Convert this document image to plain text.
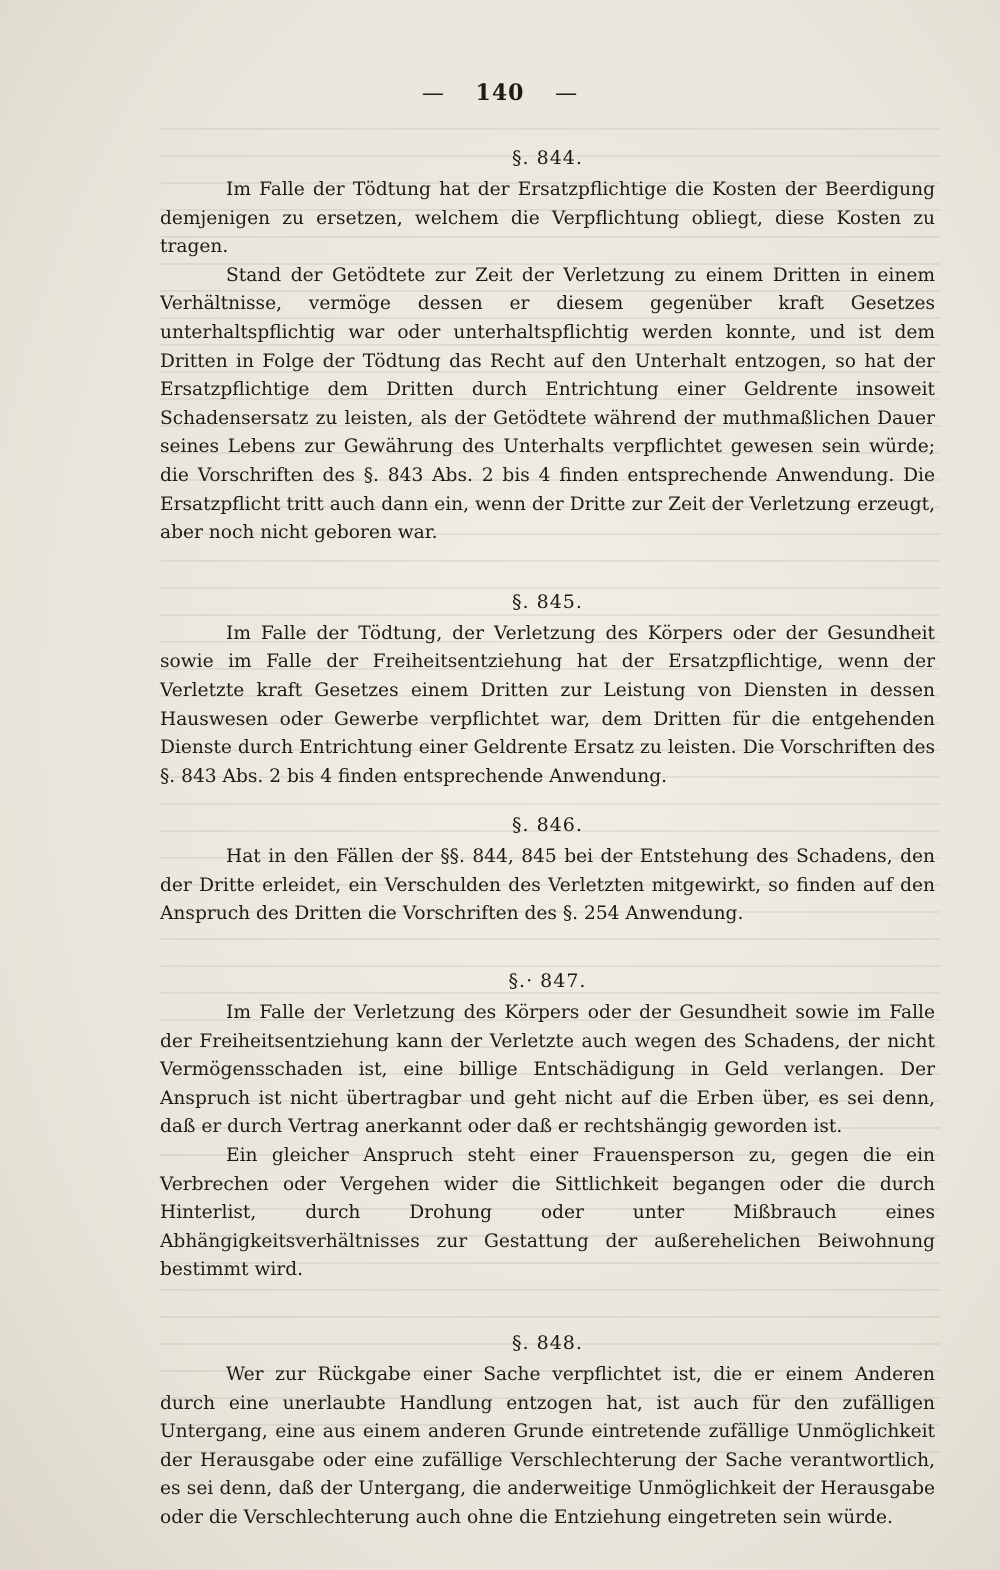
— 140 —
§. 844.

Im Falle der Tödtung hat der Ersatzpflichtige die Kosten der Beerdigung demjenigen zu ersetzen, welchem die Verpflichtung obliegt, diese Kosten zu tragen.

Stand der Getödtete zur Zeit der Verletzung zu einem Dritten in einem Verhältnisse, vermöge dessen er diesem gegenüber kraft Gesetzes unterhaltspflichtig war oder unterhaltspflichtig werden konnte, und ist dem Dritten in Folge der Tödtung das Recht auf den Unterhalt entzogen, so hat der Ersatzpflichtige dem Dritten durch Entrichtung einer Geldrente insoweit Schadensersatz zu leisten, als der Getödtete während der muthmaßlichen Dauer seines Lebens zur Gewährung des Unterhalts verpflichtet gewesen sein würde; die Vorschriften des §. 843 Abs. 2 bis 4 finden entsprechende Anwendung. Die Ersatzpflicht tritt auch dann ein, wenn der Dritte zur Zeit der Verletzung erzeugt, aber noch nicht geboren war.

§. 845.

Im Falle der Tödtung, der Verletzung des Körpers oder der Gesundheit sowie im Falle der Freiheitsentziehung hat der Ersatzpflichtige, wenn der Verletzte kraft Gesetzes einem Dritten zur Leistung von Diensten in dessen Hauswesen oder Gewerbe verpflichtet war, dem Dritten für die entgehenden Dienste durch Entrichtung einer Geldrente Ersatz zu leisten. Die Vorschriften des §. 843 Abs. 2 bis 4 finden entsprechende Anwendung.

§. 846.

Hat in den Fällen der §§. 844, 845 bei der Entstehung des Schadens, den der Dritte erleidet, ein Verschulden des Verletzten mitgewirkt, so finden auf den Anspruch des Dritten die Vorschriften des §. 254 Anwendung.

§.· 847.

Im Falle der Verletzung des Körpers oder der Gesundheit sowie im Falle der Freiheitsentziehung kann der Verletzte auch wegen des Schadens, der nicht Vermögensschaden ist, eine billige Entschädigung in Geld verlangen. Der Anspruch ist nicht übertragbar und geht nicht auf die Erben über, es sei denn, daß er durch Vertrag anerkannt oder daß er rechtshängig geworden ist.

Ein gleicher Anspruch steht einer Frauensperson zu, gegen die ein Verbrechen oder Vergehen wider die Sittlichkeit begangen oder die durch Hinterlist, durch Drohung oder unter Mißbrauch eines Abhängigkeitsverhältnisses zur Gestattung der außerehelichen Beiwohnung bestimmt wird.

§. 848.

Wer zur Rückgabe einer Sache verpflichtet ist, die er einem Anderen durch eine unerlaubte Handlung entzogen hat, ist auch für den zufälligen Untergang, eine aus einem anderen Grunde eintretende zufällige Unmöglichkeit der Herausgabe oder eine zufällige Verschlechterung der Sache verantwortlich, es sei denn, daß der Untergang, die anderweitige Unmöglichkeit der Herausgabe oder die Verschlechterung auch ohne die Entziehung eingetreten sein würde.
